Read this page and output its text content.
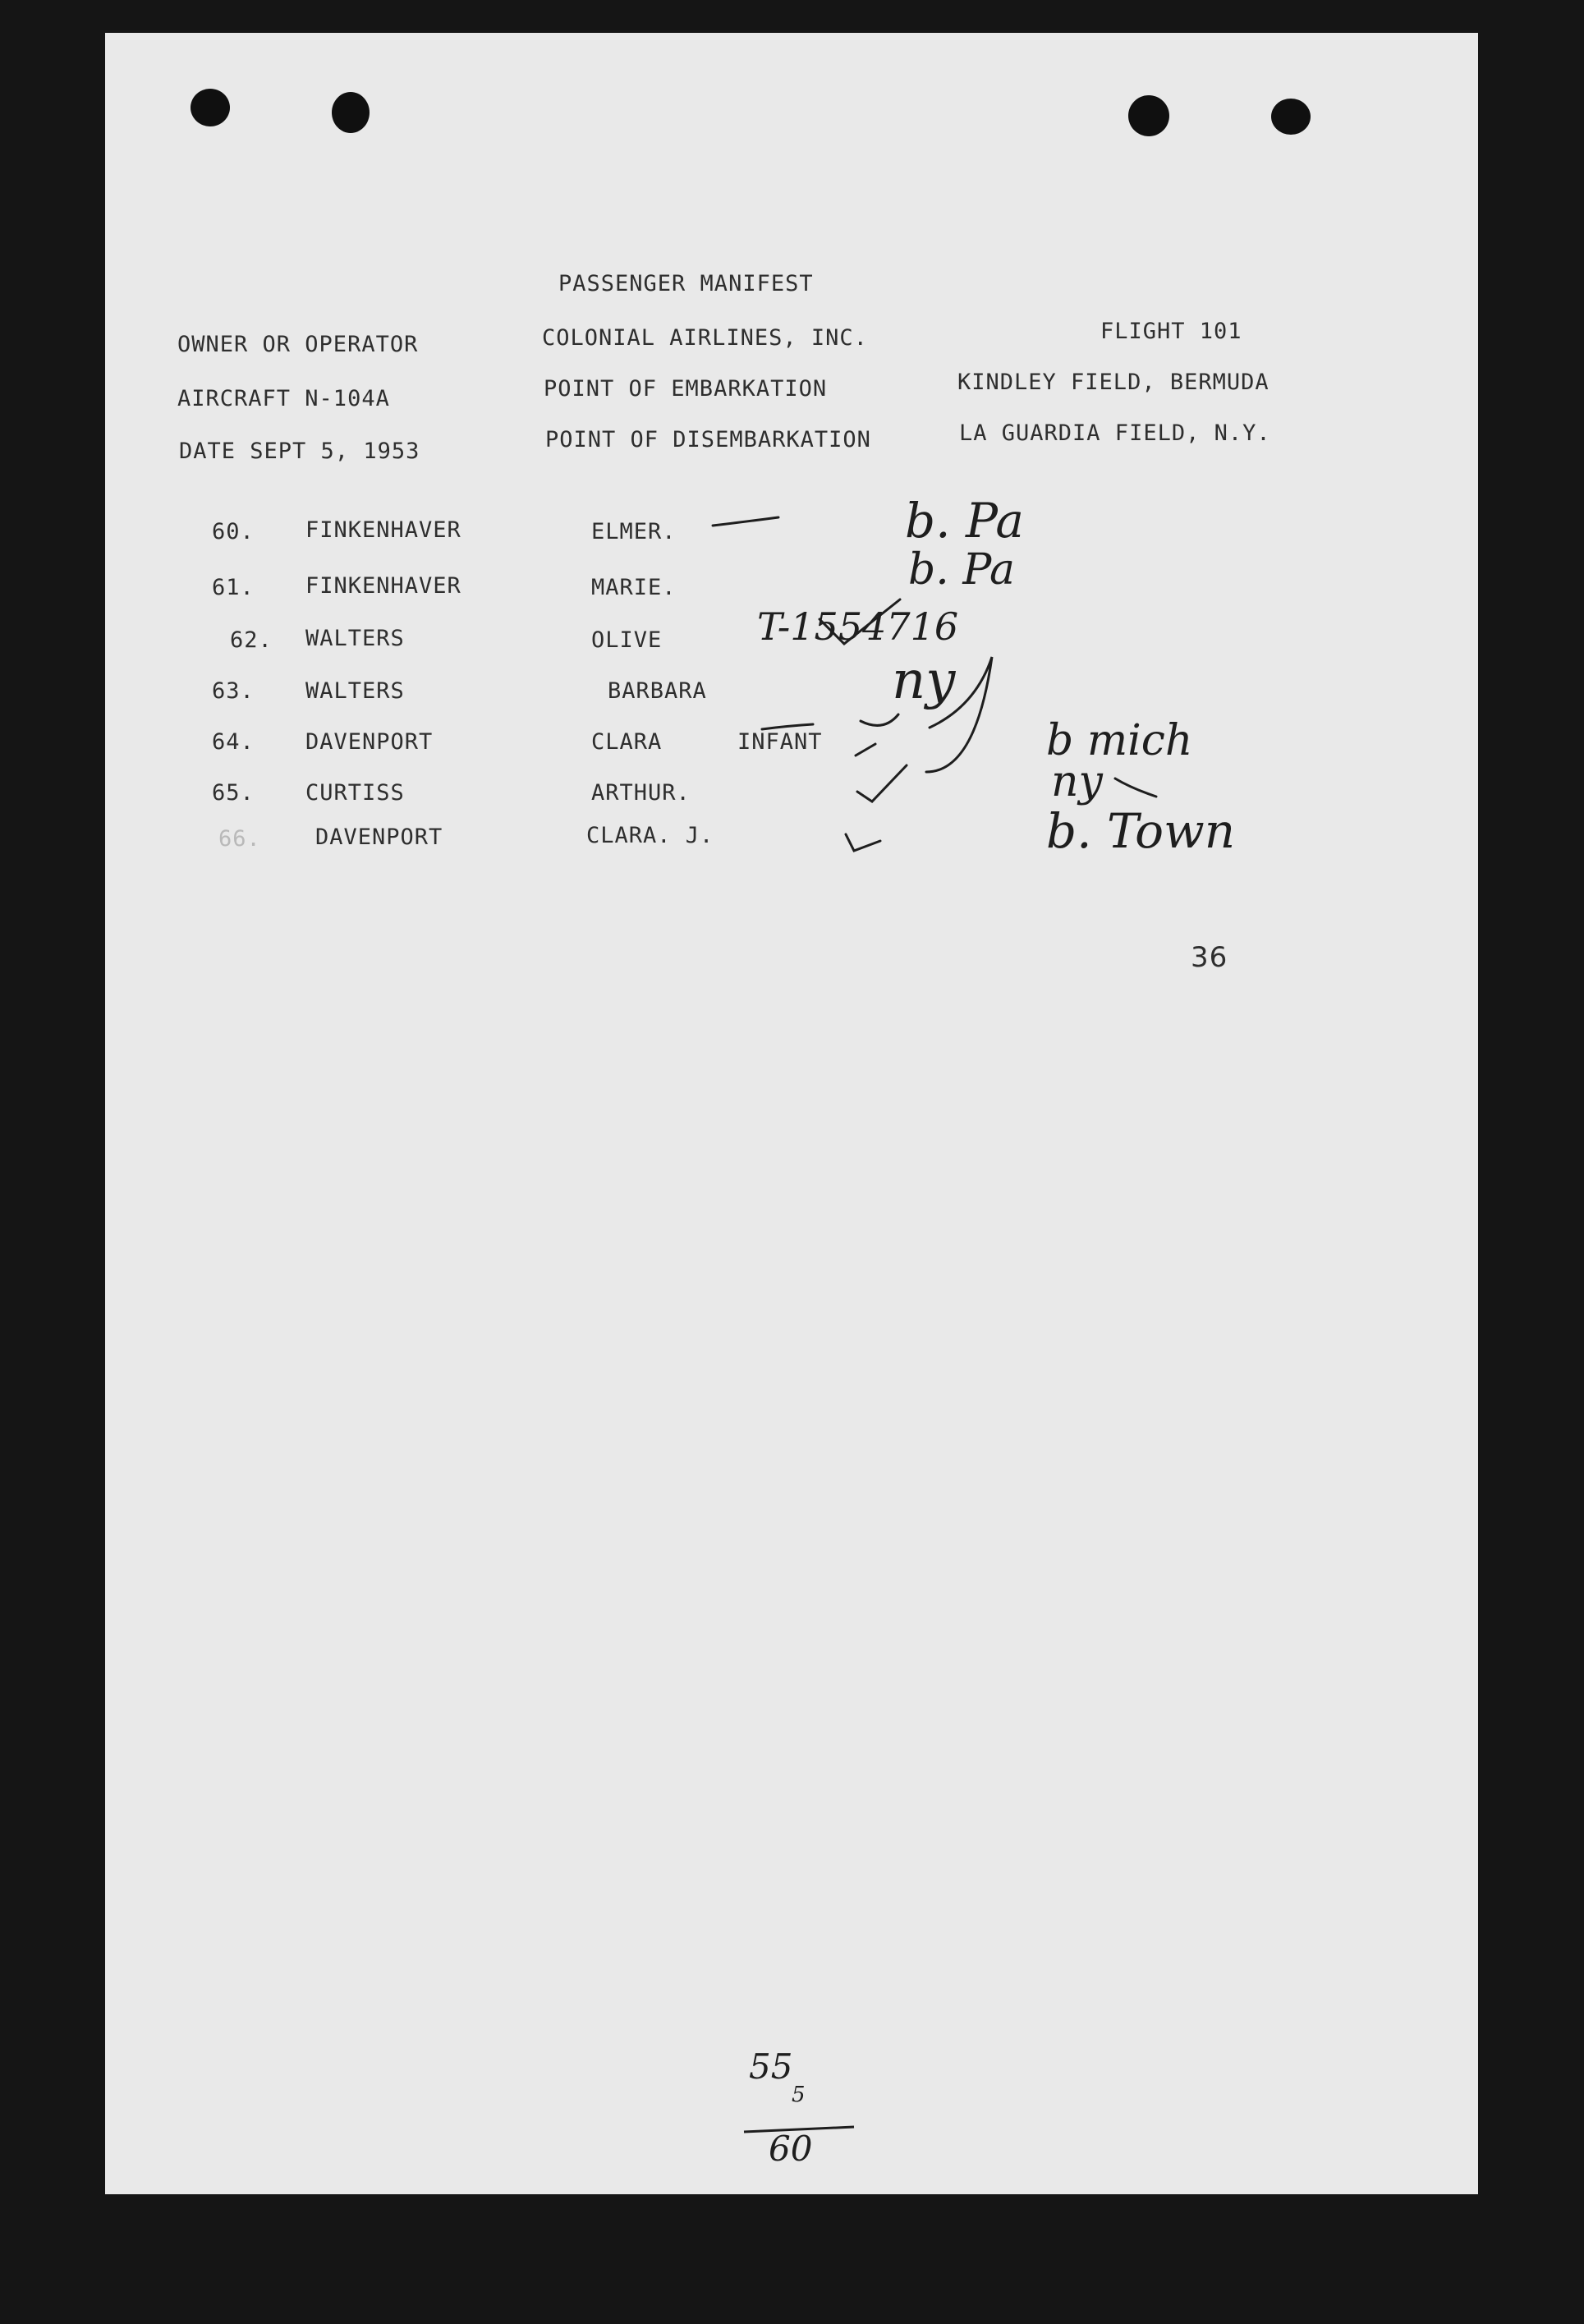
PASSENGER MANIFEST
OWNER OR OPERATOR	COLONIAL AIRLINES, INC.	FLIGHT 101
AIRCRAFT N-104A	POINT OF EMBARKATION	KINDLEY FIELD, BERMUDA
DATE SEPT 5, 1953	POINT OF DISEMBARKATION	LA GUARDIA FIELD, N.Y.
60. FINKENHAVER	ELMER.
61. FINKENHAVER	MARIE.
62. WALTERS	OLIVE
63. WALTERS	BARBARA
64. DAVENPORT	CLARA	INFANT
65. CURTISS	ARTHUR.
66. DAVENPORT	CLARA. J.
b. Pa
b. Pa
T-1554716
ny
b mich
ny
b. Town
36
55
5
60
